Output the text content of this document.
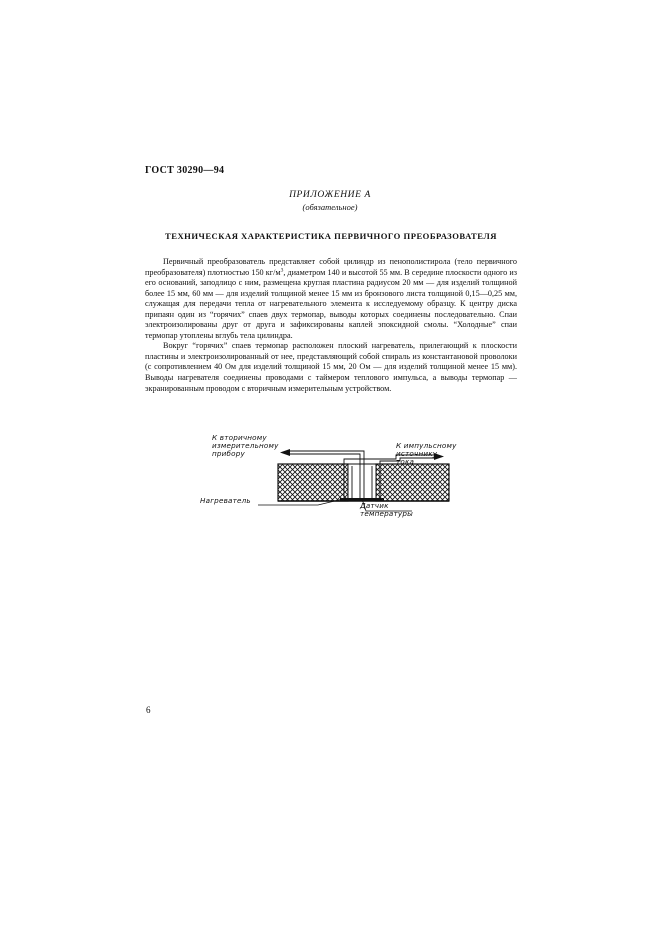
ГОСТ 30290—94
ПРИЛОЖЕНИЕ А
(обязательное)
ТЕХНИЧЕСКАЯ ХАРАКТЕРИСТИКА ПЕРВИЧНОГО ПРЕОБРАЗОВАТЕЛЯ

Первичный преобразователь представляет собой цилиндр из пенополистирола (тело первичного преобразователя) плотностью 150 $кг/м^3$, диаметром 140 и высотой 55 мм. В середине плоскости одного из его оснований, заподлицо с ним, размещена круглая пластина радиусом 20 мм — для изделий толщиной более 15 мм, 60 мм — для изделий толщиной менее 15 мм из бронзового листа толщиной 0,15—0,25 мм, служащая для передачи тепла от нагревательного элемента к исследуемому образцу. К центру диска припаян один из “горячих” спаев двух термопар, выводы которых соединены последовательно. Спаи электроизолированы друг от друга и зафиксированы каплей эпоксидной смолы. “Холодные” спаи термопар утоплены вглубь тела цилиндра.

Вокруг “горячих” спаев термопар расположен плоский нагреватель, прилегающий к плоскости пластины и электроизолированный от нее, представляющий собой спираль из константановой проволоки (с сопротивлением 40 Ом для изделий толщиной 15 мм, 20 Ом — для изделий толщиной менее 15 мм). Выводы нагревателя соединены проводами с таймером теплового импульса, а выводы термопар — экранированным проводом с вторичным измерительным устройством.

К вторичному
измерительному
прибору
К импульсному
источнику
тока
Нагреватель
Датчик
температуры
6
